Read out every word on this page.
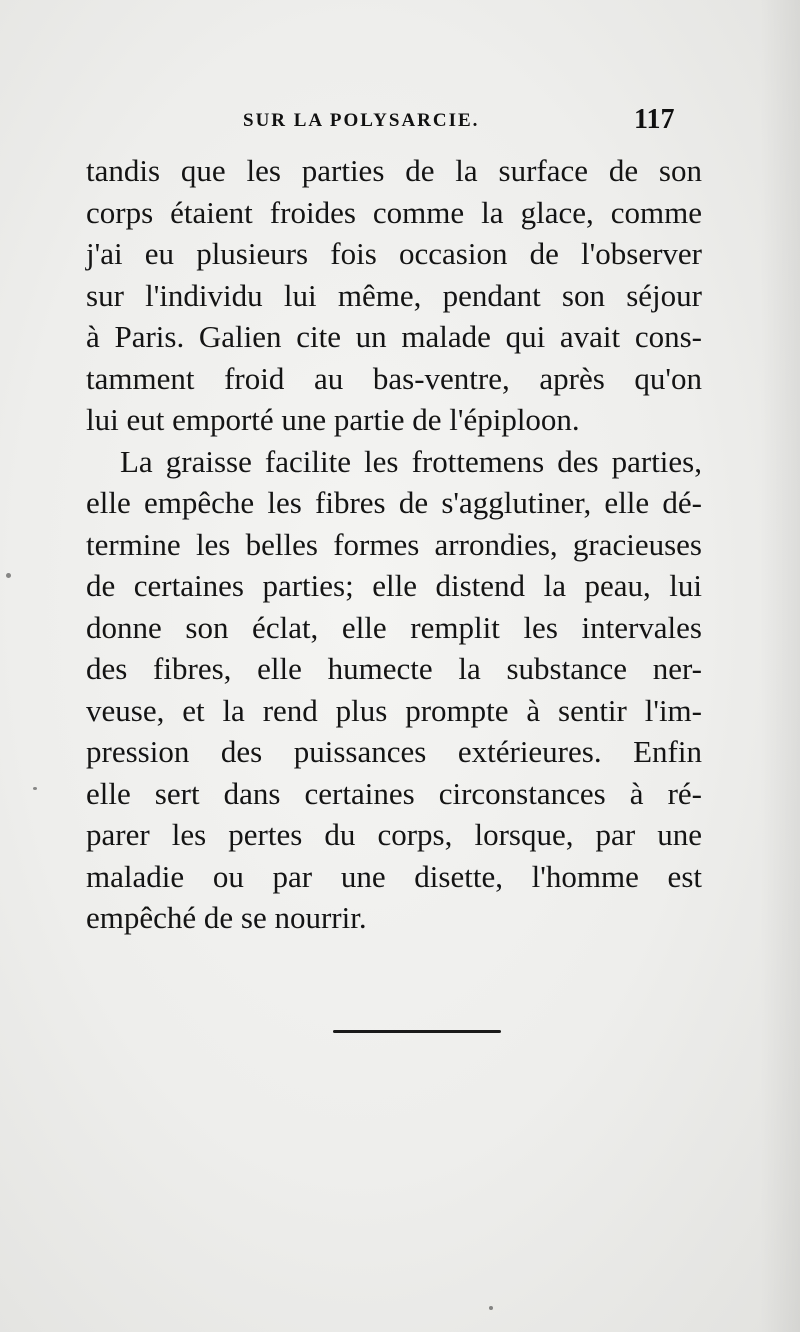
SUR LA POLYSARCIE.	117
tandis que les parties de la surface de son
corps étaient froides comme la glace, comme
j'ai eu plusieurs fois occasion de l'observer
sur l'individu lui même, pendant son séjour
à Paris. Galien cite un malade qui avait cons-
tamment froid au bas-ventre, après qu'on
lui eut emporté une partie de l'épiploon.
La graisse facilite les frottemens des parties,
elle empêche les fibres de s'agglutiner, elle dé-
termine les belles formes arrondies, gracieuses
de certaines parties; elle distend la peau, lui
donne son éclat, elle remplit les intervales
des fibres, elle humecte la substance ner-
veuse, et la rend plus prompte à sentir l'im-
pression des puissances extérieures. Enfin
elle sert dans certaines circonstances à ré-
parer les pertes du corps, lorsque, par une
maladie ou par une disette, l'homme est
empêché de se nourrir.
